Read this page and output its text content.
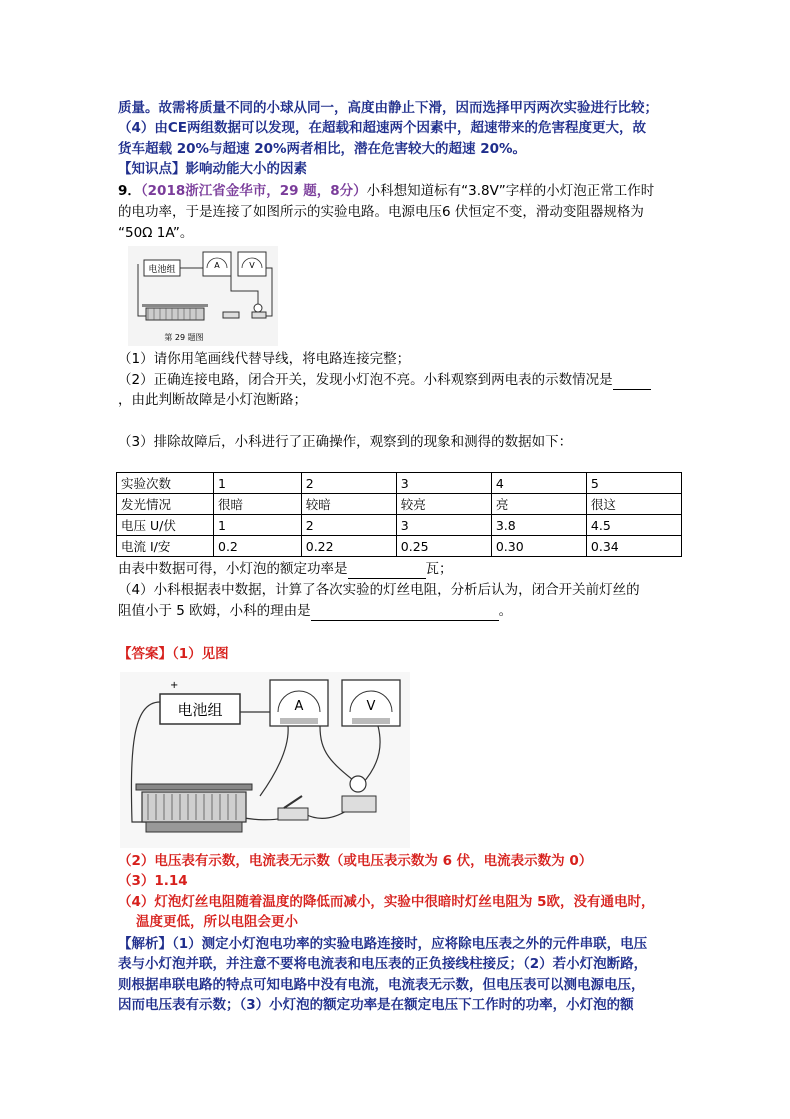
质量。故需将质量不同的小球从同一，高度由静止下滑，因而选择甲丙两次实验进行比较；
（4）由CE两组数据可以发现，在超载和超速两个因素中，超速带来的危害程度更大，故
货车超载 20%与超速 20%两者相比，潜在危害较大的超速 20%。
【知识点】影响动能大小的因素
9．（2018浙江省金华市，29 题，8分）小科想知道标有“3.8V”字样的小灯泡正常工作时
的电功率，于是连接了如图所示的实验电路。电源电压6 伏恒定不变，滑动变阻器规格为
“50Ω 1A”。
电池组	A	V
第 29 题图
（1）请你用笔画线代替导线，将电路连接完整；
（2）正确连接电路，闭合开关，发现小灯泡不亮。小科观察到两电表的示数情况是
，由此判断故障是小灯泡断路；
（3）排除故障后，小科进行了正确操作，观察到的现象和测得的数据如下：
实验次数	1	2	3	4	5
发光情况	很暗	较暗	较亮	亮	很这
电压 U/伏	1	2	3	3.8	4.5
电流 I/安	0.2	0.22	0.25	0.30	0.34
由表中数据可得，小灯泡的额定功率是	瓦；
（4）小科根据表中数据，计算了各次实验的灯丝电阻，分析后认为，闭合开关前灯丝的
阻值小于 5 欧姆，小科的理由是	。
【答案】（1）见图
电池组
+
A	V
（2）电压表有示数，电流表无示数（或电压表示数为 6 伏，电流表示数为 0）
（3）1.14
（4）灯泡灯丝电阻随着温度的降低而减小，实验中很暗时灯丝电阻为 5欧，没有通电时，
温度更低，所以电阻会更小
【解析】（1）测定小灯泡电功率的实验电路连接时，应将除电压表之外的元件串联，电压
表与小灯泡并联，并注意不要将电流表和电压表的正负接线柱接反；（2）若小灯泡断路，
则根据串联电路的特点可知电路中没有电流，电流表无示数，但电压表可以测电源电压，
因而电压表有示数；（3）小灯泡的额定功率是在额定电压下工作时的功率，小灯泡的额
